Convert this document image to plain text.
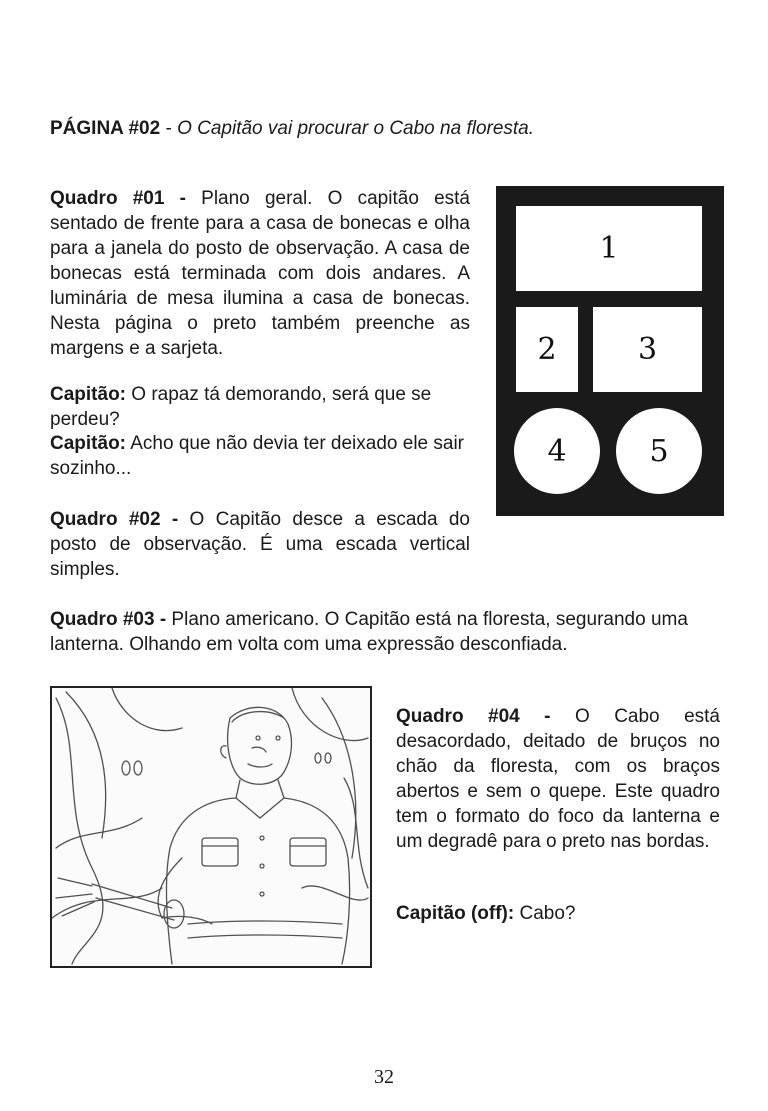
PÁGINA #02 - O Capitão vai procurar o Cabo na floresta.

Quadro #01 - Plano geral. O capitão está sentado de frente para a casa de bonecas e olha para a janela do posto de observação. A casa de bonecas está terminada com dois andares. A luminária de mesa ilumina a casa de bonecas. Nesta página o preto também preenche as margens e a sarjeta.

Capitão: O rapaz tá demorando, será que se perdeu?

Capitão: Acho que não devia ter deixado ele sair sozinho...

Quadro #02 - O Capitão desce a escada do posto de observação. É uma escada vertical simples.

1
2	3
4	5

Quadro #03 - Plano americano. O Capitão está na floresta, segurando uma lanterna. Olhando em volta com uma expressão desconfiada.

Quadro #04 - O Cabo está desacordado, deitado de bruços no chão da floresta, com os braços abertos e sem o quepe. Este quadro tem o formato do foco da lanterna e um degradê para o preto nas bordas.

Capitão (off): Cabo?

32
